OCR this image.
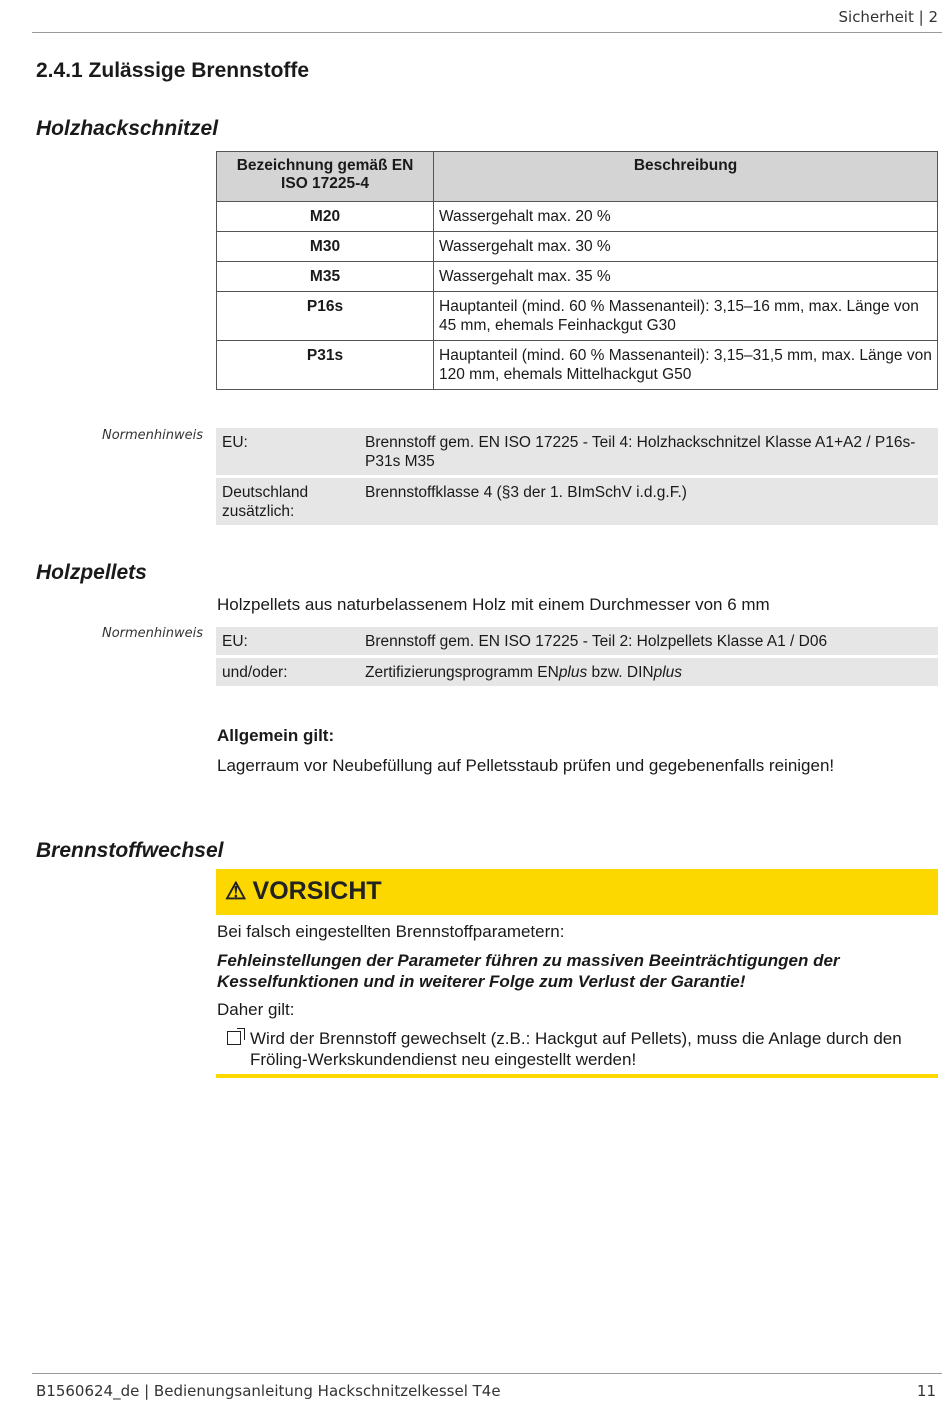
Sicherheit | 2
2.4.1 Zulässige Brennstoffe
Holzhackschnitzel
Bezeichnung gemäß EN ISO 17225-4	Beschreibung
M20	Wassergehalt max. 20 %
M30	Wassergehalt max. 30 %
M35	Wassergehalt max. 35 %
P16s	Hauptanteil (mind. 60 % Massenanteil): 3,15–16 mm, max. Länge von 45 mm, ehemals Feinhackgut G30
P31s	Hauptanteil (mind. 60 % Massenanteil): 3,15–31,5 mm, max. Länge von 120 mm, ehemals Mittelhackgut G50
Normenhinweis EU:	Brennstoff gem. EN ISO 17225 - Teil 4: Holzhackschnitzel Klasse A1+A2 / P16s-P31s M35
Deutschland zusätzlich:	Brennstoffklasse 4 (§3 der 1. BImSchV i.d.g.F.)
Holzpellets
Holzpellets aus naturbelassenem Holz mit einem Durchmesser von 6 mm
Normenhinweis EU:	Brennstoff gem. EN ISO 17225 - Teil 2: Holzpellets Klasse A1 / D06
und/oder:	Zertifizierungsprogramm ENplus bzw. DINplus
Allgemein gilt:
Lagerraum vor Neubefüllung auf Pelletsstaub prüfen und gegebenenfalls reinigen!
Brennstoffwechsel
⚠ VORSICHT
Bei falsch eingestellten Brennstoffparametern:
Fehleinstellungen der Parameter führen zu massiven Beeinträchtigungen der Kesselfunktionen und in weiterer Folge zum Verlust der Garantie!
Daher gilt:
Wird der Brennstoff gewechselt (z.B.: Hackgut auf Pellets), muss die Anlage durch den Fröling-Werkskundendienst neu eingestellt werden!
B1560624_de | Bedienungsanleitung Hackschnitzelkessel T4e	11
